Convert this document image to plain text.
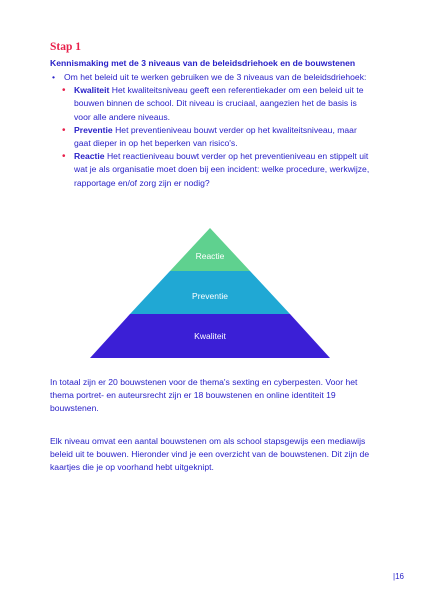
Stap 1

Kennismaking met de 3 niveaus van de beleidsdriehoek en de bouwstenen

• Om het beleid uit te werken gebruiken we de 3 niveaus van de beleidsdriehoek:
• Kwaliteit Het kwaliteitsniveau geeft een referentiekader om een beleid uit te bouwen binnen de school. Dit niveau is cruciaal, aangezien het de basis is voor alle andere niveaus.
• Preventie Het preventieniveau bouwt verder op het kwaliteitsniveau, maar gaat dieper in op het beperken van risico's.
• Reactie Het reactieniveau bouwt verder op het preventieniveau en stippelt uit wat je als organisatie moet doen bij een incident: welke procedure, werkwijze, rapportage en/of zorg zijn er nodig?
Reactie
Preventie
Kwaliteit

In totaal zijn er 20 bouwstenen voor de thema's sexting en cyberpesten. Voor het thema portret- en auteursrecht zijn er 18 bouwstenen en online identiteit 19 bouwstenen.

Elk niveau omvat een aantal bouwstenen om als school stapsgewijs een mediawijs beleid uit te bouwen. Hieronder vind je een overzicht van de bouwstenen. Dit zijn de kaartjes die je op voorhand hebt uitgeknipt.

|16
